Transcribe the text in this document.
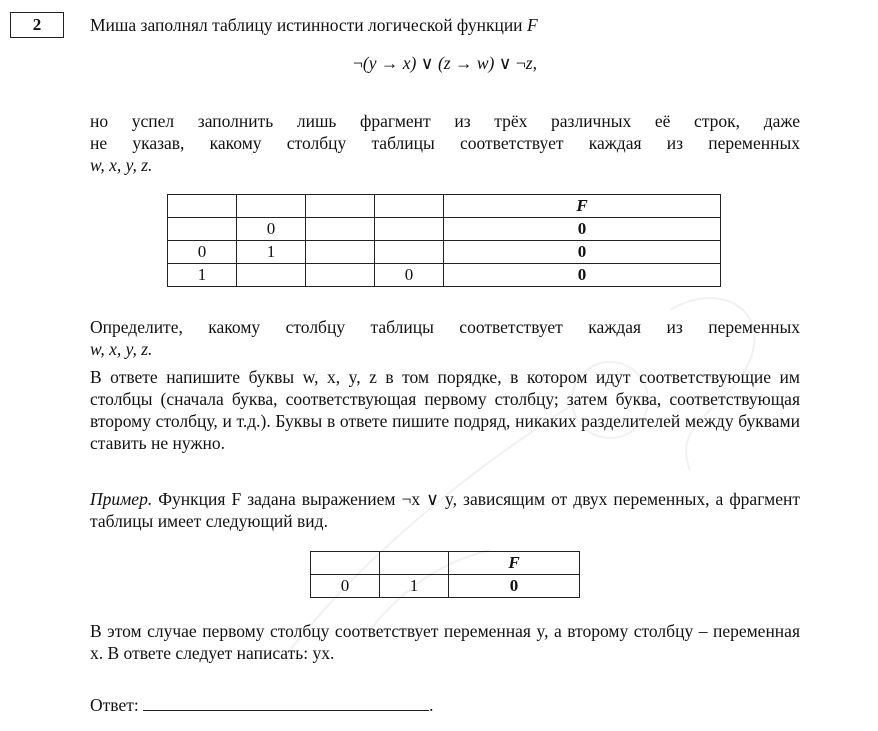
2	Миша заполнял таблицу истинности логической функции F
¬(y → x) ∨ (z → w) ∨ ¬z,
но успел заполнить лишь фрагмент из трёх различных её строк, даже
не указав, какому столбцу таблицы соответствует каждая из переменных
w, x, y, z.
				F
	0			0
0	1			0
1			0	0
Определите, какому столбцу таблицы соответствует каждая из переменных
w, x, y, z.
В ответе напишите буквы w, x, y, z в том порядке, в котором идут соответствующие им столбцы (сначала буква, соответствующая первому столбцу; затем буква, соответствующая второму столбцу, и т.д.). Буквы в ответе пишите подряд, никаких разделителей между буквами ставить не нужно.
Пример. Функция F задана выражением ¬x ∨ y, зависящим от двух переменных, а фрагмент таблицы имеет следующий вид.
		F
0	1	0
В этом случае первому столбцу соответствует переменная y, а второму столбцу – переменная x. В ответе следует написать: yx.
Ответ:	.
